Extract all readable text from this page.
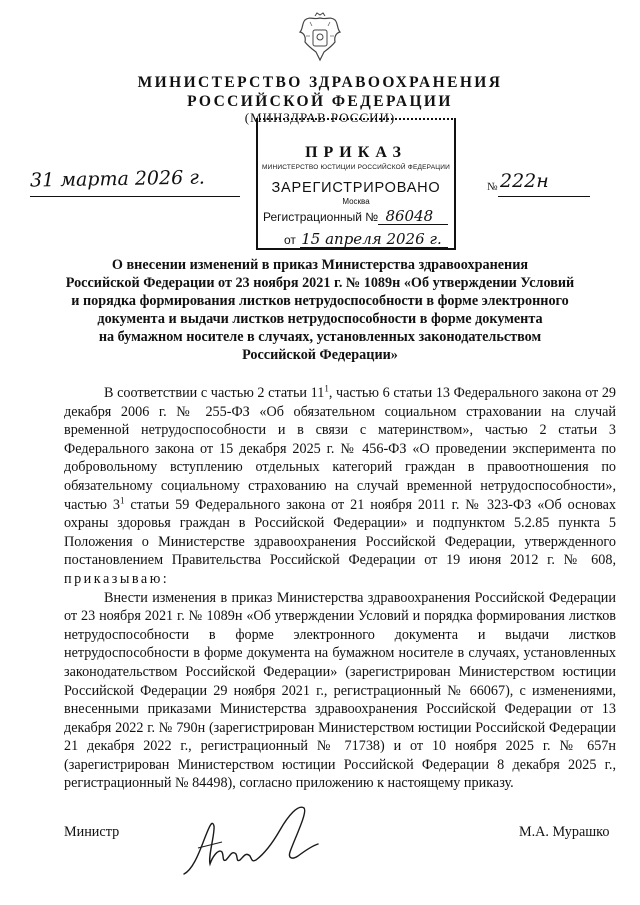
МИНИСТЕРСТВО ЗДРАВООХРАНЕНИЯ
РОССИЙСКОЙ ФЕДЕРАЦИИ
(МИНЗДРАВ РОССИИ)
ПРИКАЗ
МИНИСТЕРСТВО ЮСТИЦИИ РОССИЙСКОЙ ФЕДЕРАЦИИ
ЗАРЕГИСТРИРОВАНО
Москва
Регистрационный № 86048
от 15 апреля 2026 г.
31 марта 2026 г.	№ 222н
О внесении изменений в приказ Министерства здравоохранения
Российской Федерации от 23 ноября 2021 г. № 1089н «Об утверждении Условий
и порядка формирования листков нетрудоспособности в форме электронного
документа и выдачи листков нетрудоспособности в форме документа
на бумажном носителе в случаях, установленных законодательством
Российской Федерации»

В соответствии с частью 2 статьи $11^1$, частью 6 статьи 13 Федерального закона от 29 декабря 2006 г. № 255-ФЗ «Об обязательном социальном страховании на случай временной нетрудоспособности и в связи с материнством», частью 2 статьи 3 Федерального закона от 15 декабря 2025 г. № 456-ФЗ «О проведении эксперимента по добровольному вступлению отдельных категорий граждан в правоотношения по обязательному социальному страхованию на случай временной нетрудоспособности», частью $3^1$ статьи 59 Федерального закона от 21 ноября 2011 г. № 323-ФЗ «Об основах охраны здоровья граждан в Российской Федерации» и подпунктом 5.2.85 пункта 5 Положения о Министерстве здравоохранения Российской Федерации, утвержденного постановлением Правительства Российской Федерации от 19 июня 2012 г. № 608, приказываю:

Внести изменения в приказ Министерства здравоохранения Российской Федерации от 23 ноября 2021 г. № 1089н «Об утверждении Условий и порядка формирования листков нетрудоспособности в форме электронного документа и выдачи листков нетрудоспособности в форме документа на бумажном носителе в случаях, установленных законодательством Российской Федерации» (зарегистрирован Министерством юстиции Российской Федерации 29 ноября 2021 г., регистрационный № 66067), с изменениями, внесенными приказами Министерства здравоохранения Российской Федерации от 13 декабря 2022 г. № 790н (зарегистрирован Министерством юстиции Российской Федерации 21 декабря 2022 г., регистрационный № 71738) и от 10 ноября 2025 г. № 657н (зарегистрирован Министерством юстиции Российской Федерации 8 декабря 2025 г., регистрационный № 84498), согласно приложению к настоящему приказу.

Министр	М.А. Мурашко
